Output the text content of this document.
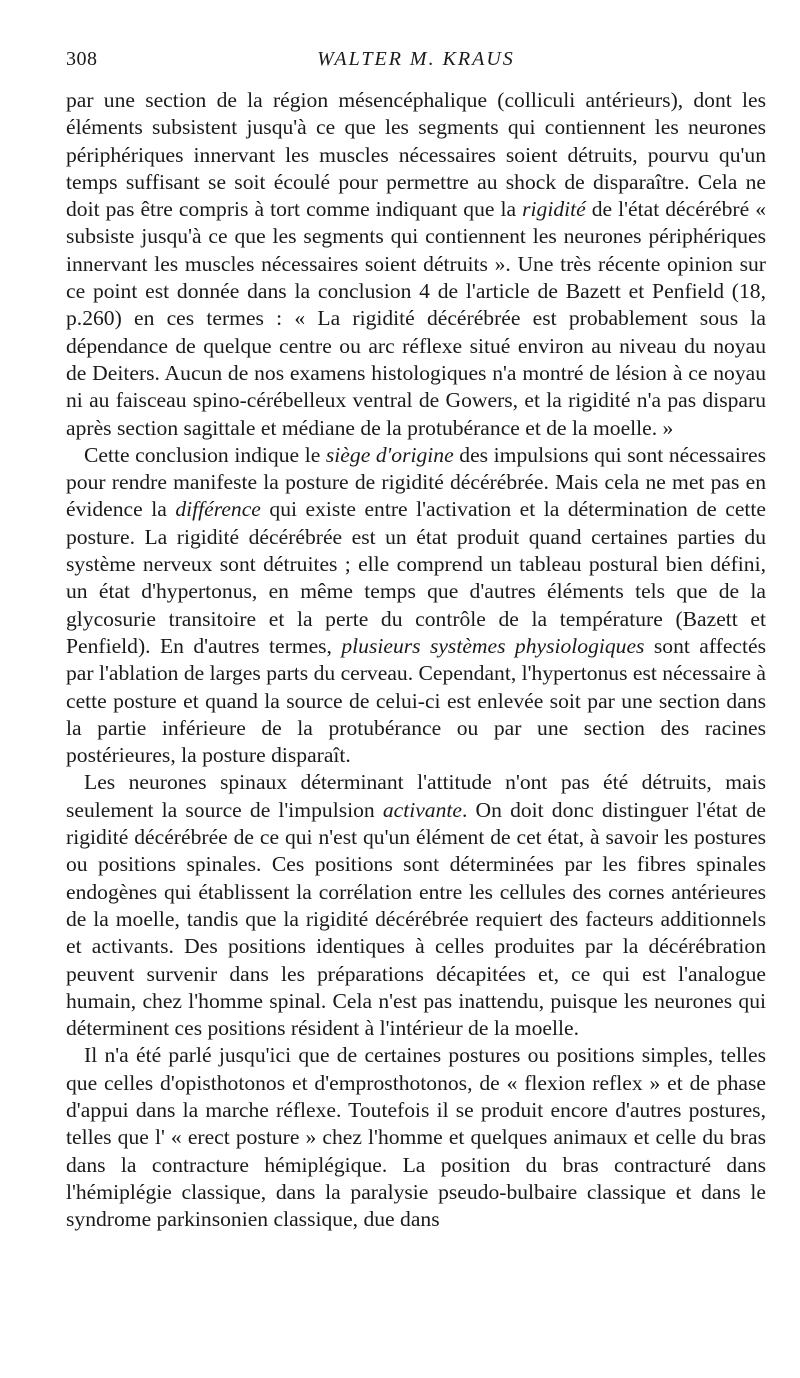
308	WALTER M. KRAUS

par une section de la région mésencéphalique (colliculi antérieurs), dont les éléments subsistent jusqu'à ce que les segments qui contiennent les neurones périphériques innervant les muscles nécessaires soient détruits, pourvu qu'un temps suffisant se soit écoulé pour permettre au shock de disparaître. Cela ne doit pas être compris à tort comme indiquant que la rigidité de l'état décérébré « subsiste jusqu'à ce que les segments qui contiennent les neurones périphériques innervant les muscles nécessaires soient détruits ». Une très récente opinion sur ce point est donnée dans la conclusion 4 de l'article de Bazett et Penfield (18, p.260) en ces termes : « La rigidité décérébrée est probablement sous la dépendance de quelque centre ou arc réflexe situé environ au niveau du noyau de Deiters. Aucun de nos examens histologiques n'a montré de lésion à ce noyau ni au faisceau spino-cérébelleux ventral de Gowers, et la rigidité n'a pas disparu après section sagittale et médiane de la protubérance et de la moelle. »

Cette conclusion indique le siège d'origine des impulsions qui sont nécessaires pour rendre manifeste la posture de rigidité décérébrée. Mais cela ne met pas en évidence la différence qui existe entre l'activation et la détermination de cette posture. La rigidité décérébrée est un état produit quand certaines parties du système nerveux sont détruites ; elle comprend un tableau postural bien défini, un état d'hypertonus, en même temps que d'autres éléments tels que de la glycosurie transitoire et la perte du contrôle de la température (Bazett et Penfield). En d'autres termes, plusieurs systèmes physiologiques sont affectés par l'ablation de larges parts du cerveau. Cependant, l'hypertonus est nécessaire à cette posture et quand la source de celui-ci est enlevée soit par une section dans la partie inférieure de la protubérance ou par une section des racines postérieures, la posture disparaît.

Les neurones spinaux déterminant l'attitude n'ont pas été détruits, mais seulement la source de l'impulsion activante. On doit donc distinguer l'état de rigidité décérébrée de ce qui n'est qu'un élément de cet état, à savoir les postures ou positions spinales. Ces positions sont déterminées par les fibres spinales endogènes qui établissent la corrélation entre les cellules des cornes antérieures de la moelle, tandis que la rigidité décérébrée requiert des facteurs additionnels et activants. Des positions identiques à celles produites par la décérébration peuvent survenir dans les préparations décapitées et, ce qui est l'analogue humain, chez l'homme spinal. Cela n'est pas inattendu, puisque les neurones qui déterminent ces positions résident à l'intérieur de la moelle.

Il n'a été parlé jusqu'ici que de certaines postures ou positions simples, telles que celles d'opisthotonos et d'emprosthotonos, de « flexion reflex » et de phase d'appui dans la marche réflexe. Toutefois il se produit encore d'autres postures, telles que l' « erect posture » chez l'homme et quelques animaux et celle du bras dans la contracture hémiplégique. La position du bras contracturé dans l'hémiplégie classique, dans la paralysie pseudo-bulbaire classique et dans le syndrome parkinsonien classique, due dans
